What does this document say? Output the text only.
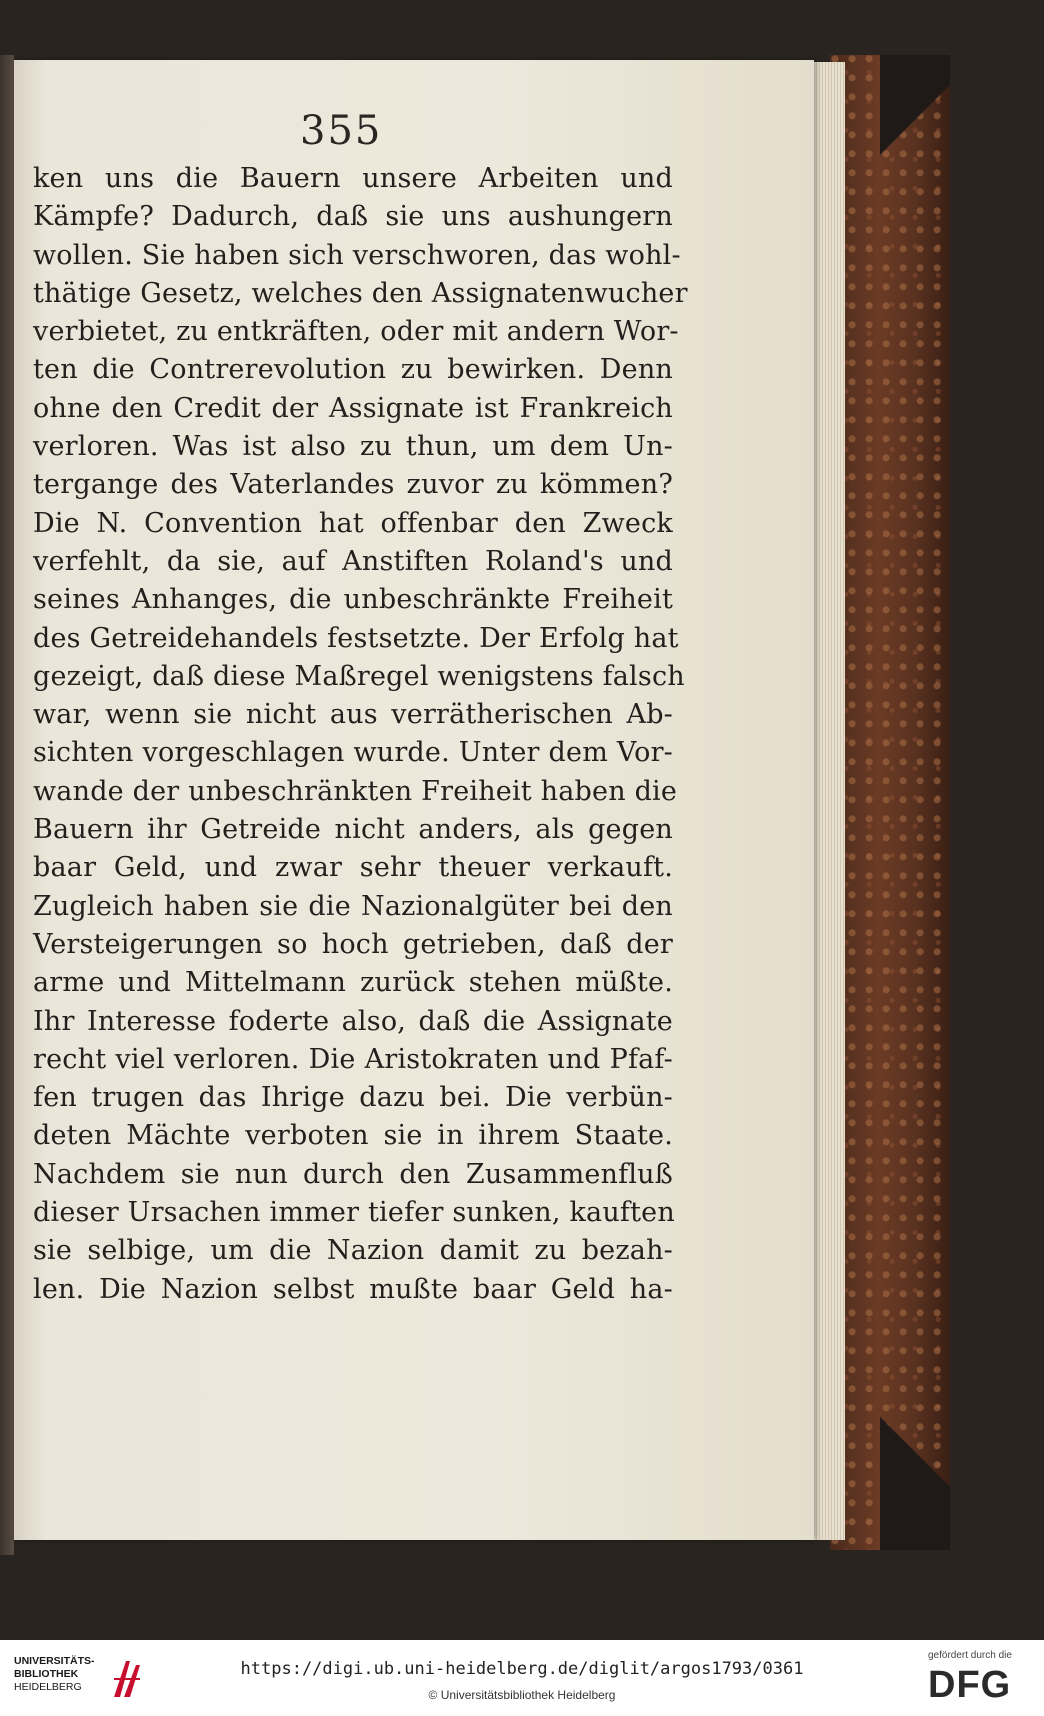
355
ken uns die Bauern unsere Arbeiten und
Kämpfe? Dadurch, daß sie uns aushungern
wollen. Sie haben sich verschworen, das wohl-
thätige Gesetz, welches den Assignatenwucher
verbietet, zu entkräften, oder mit andern Wor-
ten die Contrerevolution zu bewirken. Denn
ohne den Credit der Assignate ist Frankreich
verloren. Was ist also zu thun, um dem Un-
tergange des Vaterlandes zuvor zu kömmen?
Die N. Convention hat offenbar den Zweck
verfehlt, da sie, auf Anstiften Roland's und
seines Anhanges, die unbeschränkte Freiheit
des Getreidehandels festsetzte. Der Erfolg hat
gezeigt, daß diese Maßregel wenigstens falsch
war, wenn sie nicht aus verrätherischen Ab-
sichten vorgeschlagen wurde. Unter dem Vor-
wande der unbeschränkten Freiheit haben die
Bauern ihr Getreide nicht anders, als gegen
baar Geld, und zwar sehr theuer verkauft.
Zugleich haben sie die Nazionalgüter bei den
Versteigerungen so hoch getrieben, daß der
arme und Mittelmann zurück stehen müßte.
Ihr Interesse foderte also, daß die Assignate
recht viel verloren. Die Aristokraten und Pfaf-
fen trugen das Ihrige dazu bei. Die verbün-
deten Mächte verboten sie in ihrem Staate.
Nachdem sie nun durch den Zusammenfluß
dieser Ursachen immer tiefer sunken, kauften
sie selbige, um die Nazion damit zu bezah-
len. Die Nazion selbst mußte baar Geld ha-
UNIVERSITÄTS-
BIBLIOTHEK
HEIDELBERG
https://digi.ub.uni-heidelberg.de/diglit/argos1793/0361
© Universitätsbibliothek Heidelberg
gefördert durch die
DFG
